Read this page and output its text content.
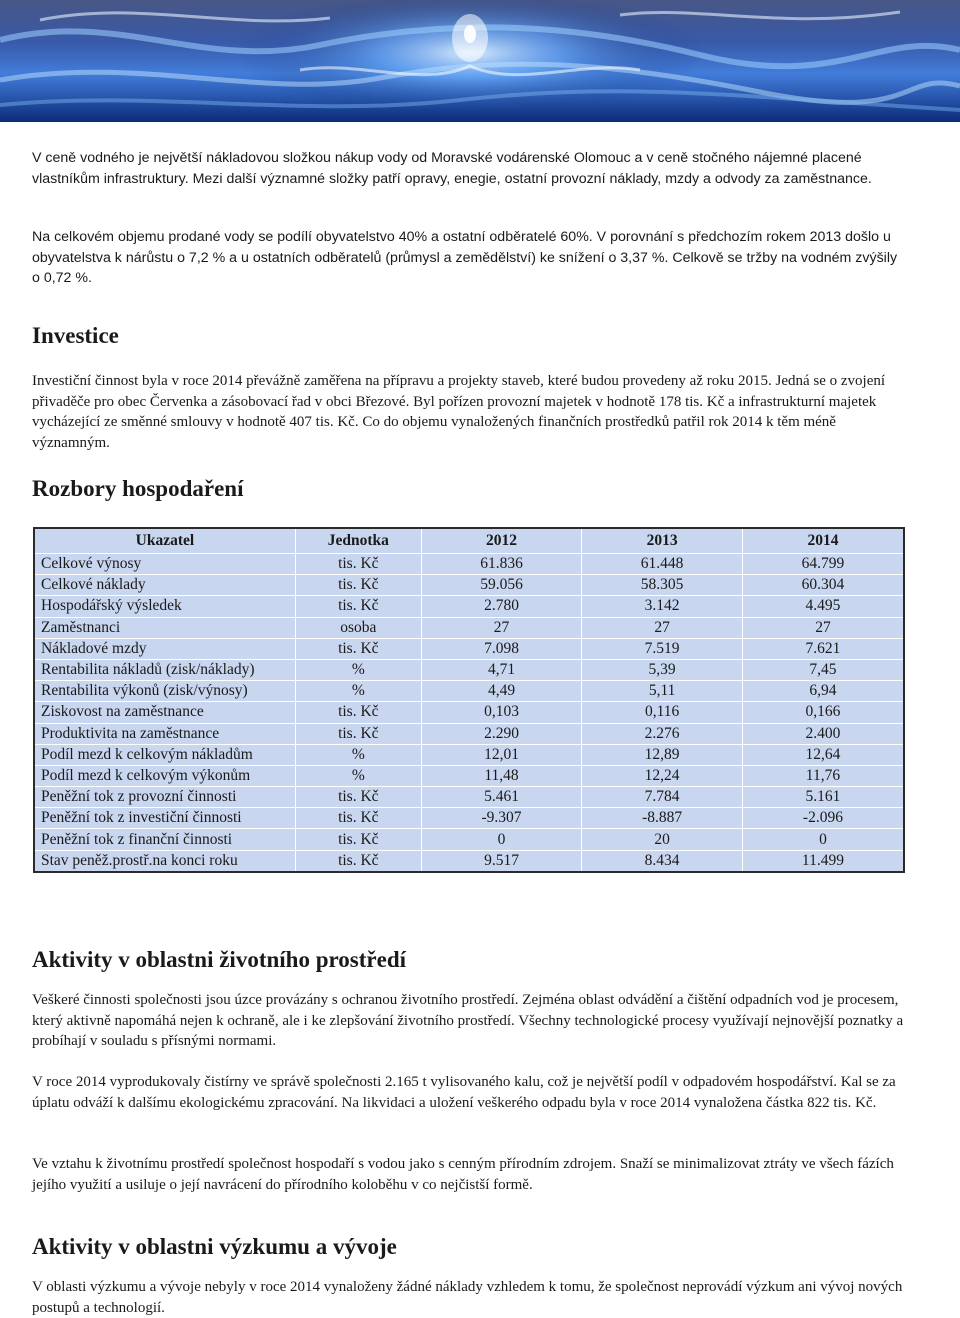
V ceně vodného je největší nákladovou složkou nákup vody od Moravské vodárenské Olomouc a v ceně stočného nájemné placené vlastníkům infrastruktury. Mezi další významné složky patří opravy, enegie, ostatní provozní náklady, mzdy a odvody za zaměstnance.

Na celkovém objemu prodané vody se podílí obyvatelstvo 40% a ostatní odběratelé 60%. V porovnání s předchozím rokem 2013 došlo u obyvatelstva k nárůstu o 7,2 % a u ostatních odběratelů (průmysl a zemědělství) ke snížení o 3,37 %. Celkově se tržby na vodném zvýšily o 0,72 %.

Investice

Investiční činnost byla v roce 2014 převážně zaměřena na přípravu a projekty staveb, které budou provedeny až roku 2015. Jedná se o zvojení přivaděče pro obec Červenka a zásobovací řad v obci Březové. Byl pořízen provozní majetek v hodnotě 178 tis. Kč a infrastrukturní majetek vycházející ze směnné smlouvy v hodnotě 407 tis. Kč. Co do objemu vynaložených finančních prostředků patřil rok 2014 k těm méně významným.

Rozbory hospodaření
Ukazatel	Jednotka	2012	2013	2014
Celkové výnosy	tis. Kč	61.836	61.448	64.799
Celkové náklady	tis. Kč	59.056	58.305	60.304
Hospodářský výsledek	tis. Kč	2.780	3.142	4.495
Zaměstnanci	osoba	27	27	27
Nákladové mzdy	tis. Kč	7.098	7.519	7.621
Rentabilita nákladů (zisk/náklady)	%	4,71	5,39	7,45
Rentabilita výkonů (zisk/výnosy)	%	4,49	5,11	6,94
Ziskovost na zaměstnance	tis. Kč	0,103	0,116	0,166
Produktivita na zaměstnance	tis. Kč	2.290	2.276	2.400
Podíl mezd k celkovým nákladům	%	12,01	12,89	12,64
Podíl mezd k celkovým výkonům	%	11,48	12,24	11,76
Peněžní tok z provozní činnosti	tis. Kč	5.461	7.784	5.161
Peněžní tok z investiční činnosti	tis. Kč	-9.307	-8.887	-2.096
Peněžní tok z finanční činnosti	tis. Kč	0	20	0
Stav peněž.prostř.na konci roku	tis. Kč	9.517	8.434	11.499
Aktivity v oblastni životního prostředí

Veškeré činnosti společnosti jsou úzce provázány s ochranou životního prostředí. Zejména oblast odvádění a čištění odpadních vod je procesem, který aktivně napomáhá nejen k ochraně, ale i ke zlepšování životního prostředí. Všechny technologické procesy využívají nejnovější poznatky a probíhají v souladu s přísnými normami.

V roce 2014 vyprodukovaly čistírny ve správě společnosti 2.165 t vylisovaného kalu, což je největší podíl v odpadovém hospodářství. Kal se za úplatu odváží k dalšímu ekologickému zpracování. Na likvidaci a uložení veškerého odpadu byla v roce 2014 vynaložena částka 822 tis. Kč.

Ve vztahu k životnímu prostředí společnost hospodaří s vodou jako s cenným přírodním zdrojem. Snaží se minimalizovat ztráty ve všech fázích jejího využití a usiluje o její navrácení do přírodního koloběhu v co nejčistší formě.

Aktivity v oblastni výzkumu a vývoje

V oblasti výzkumu a vývoje nebyly v roce 2014 vynaloženy žádné náklady vzhledem k tomu, že společnost neprovádí výzkum ani vývoj nových postupů a technologií.
